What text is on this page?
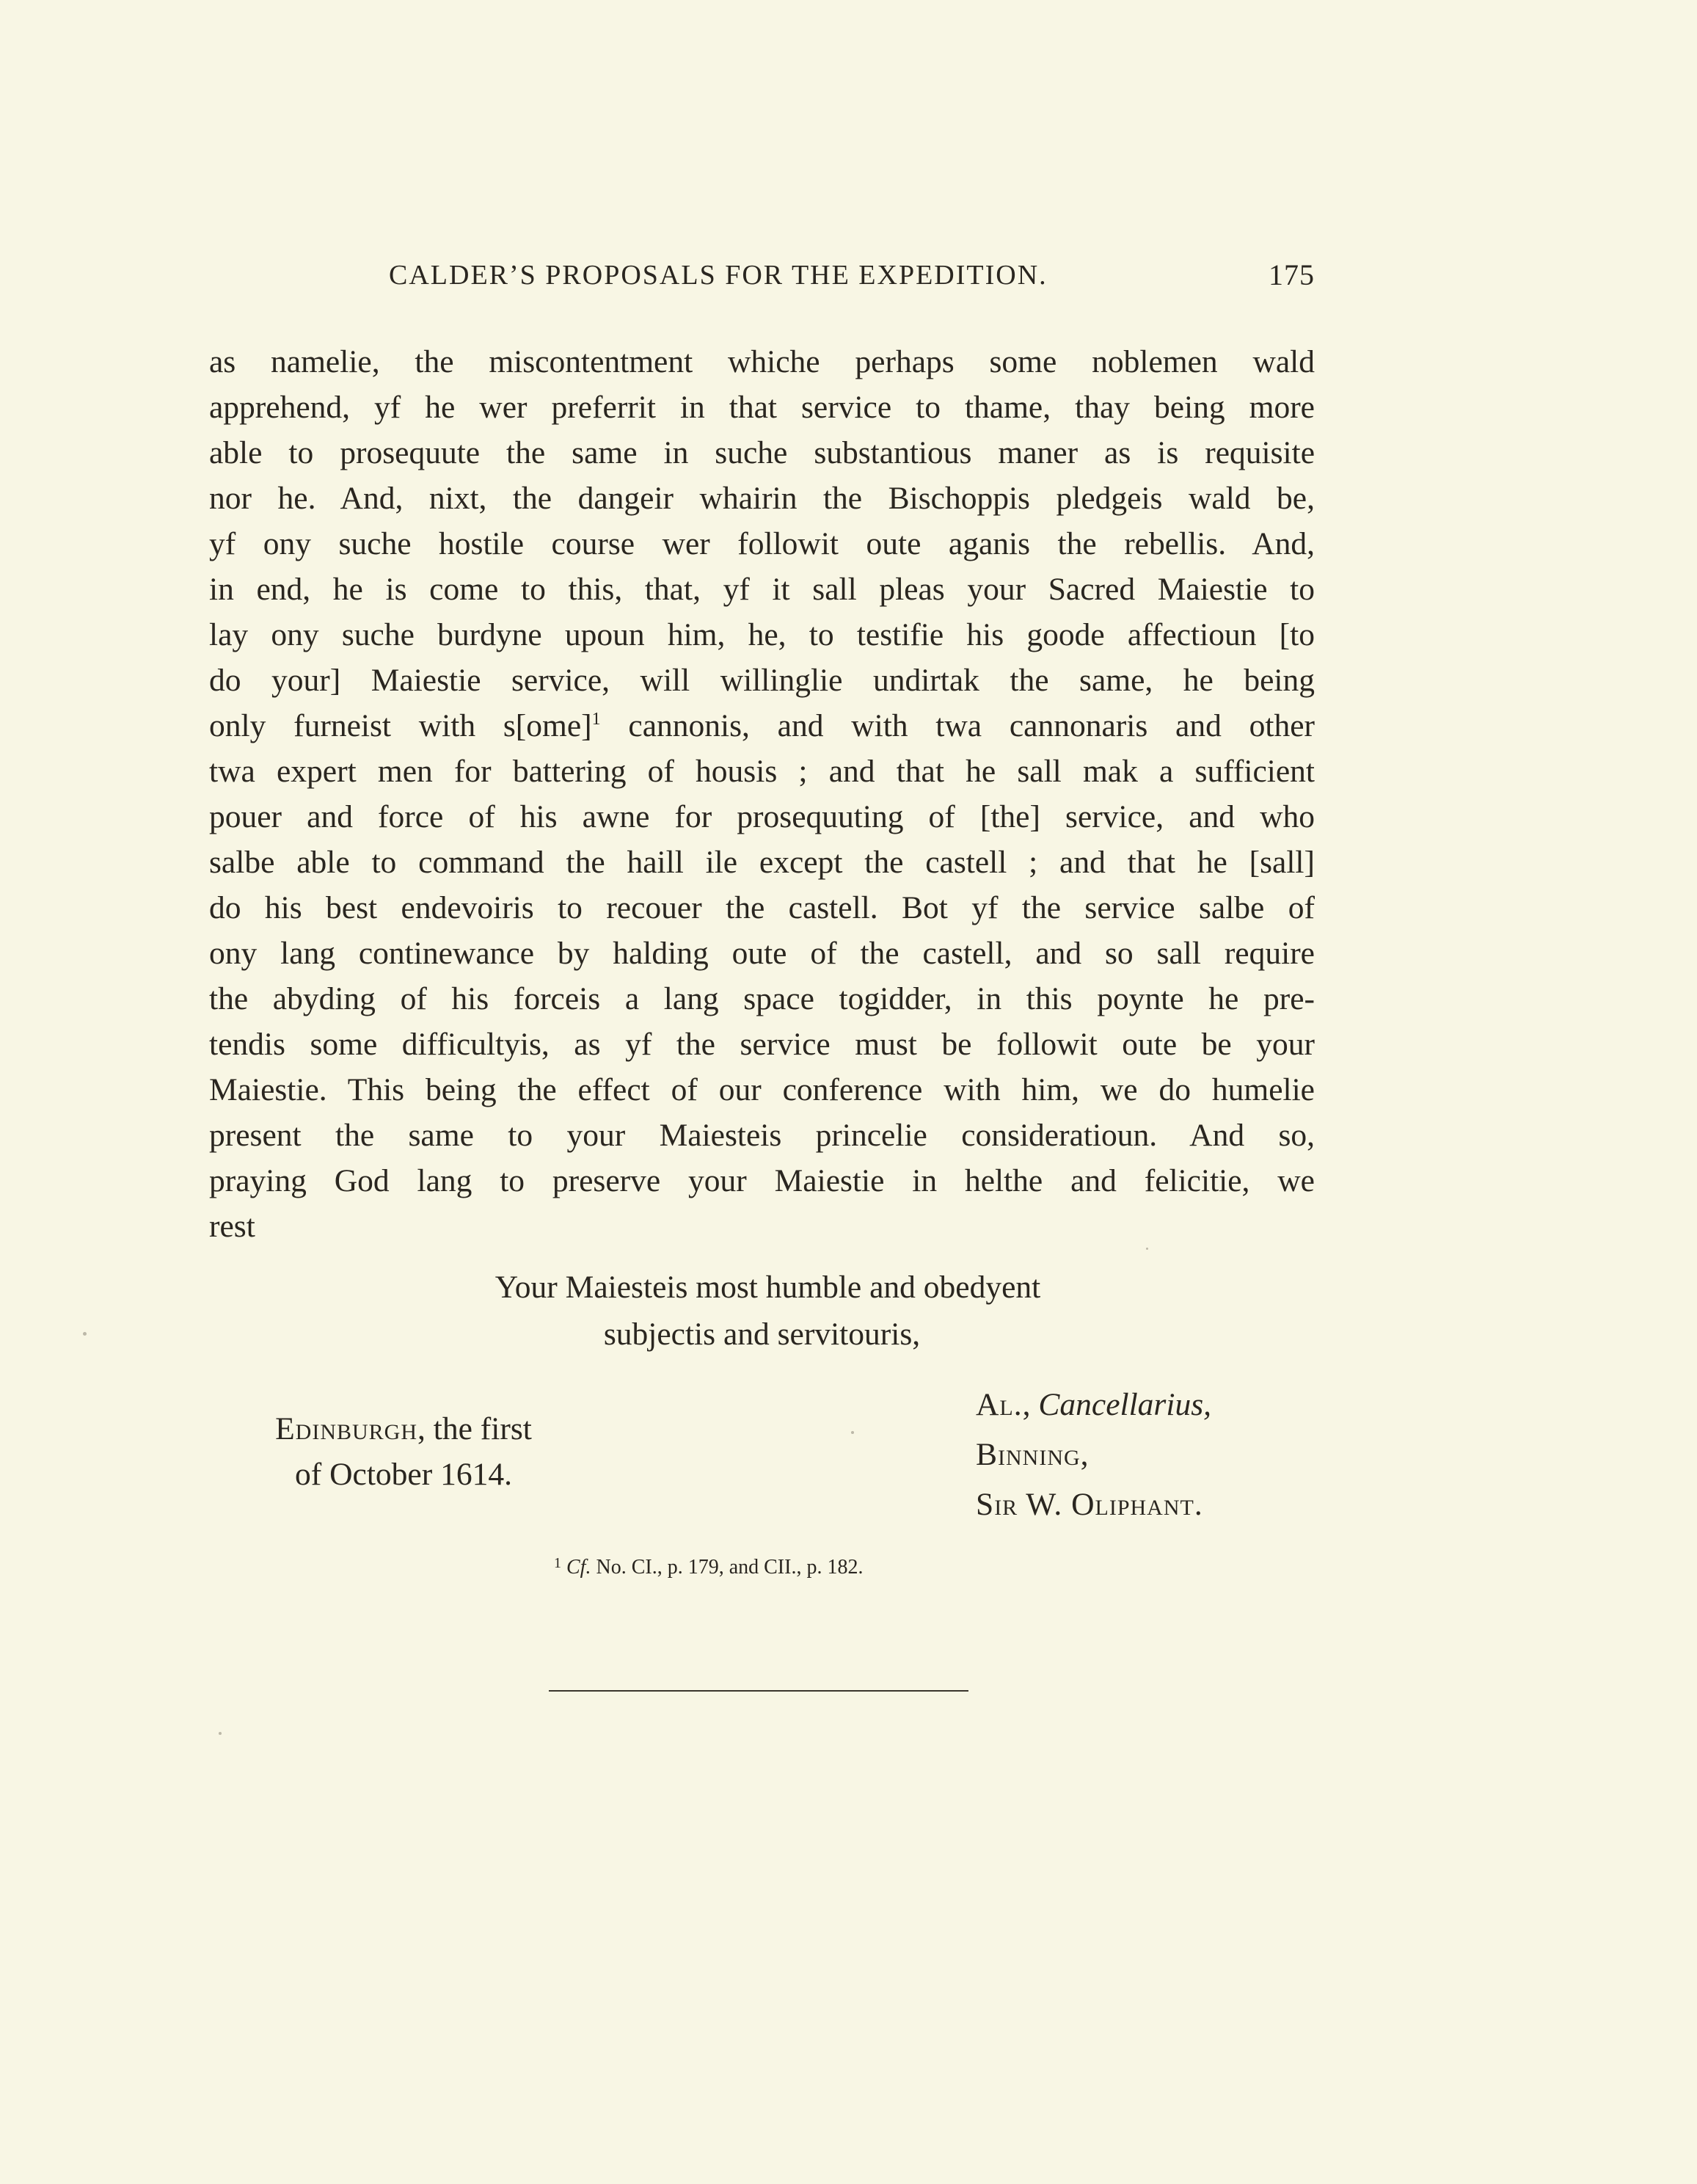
CALDER’S PROPOSALS FOR THE EXPEDITION.	175
as namelie, the miscontentment whiche perhaps some noblemen wald
apprehend, yf he wer preferrit in that service to thame, thay being more
able to prosequute the same in suche substantious maner as is requisite
nor he. And, nixt, the dangeir whairin the Bischoppis pledgeis wald be,
yf ony suche hostile course wer followit oute aganis the rebellis. And,
in end, he is come to this, that, yf it sall pleas your Sacred Maiestie to
lay ony suche burdyne upoun him, he, to testifie his goode affectioun [to
do your] Maiestie service, will willinglie undirtak the same, he being
only furneist with s[ome]$^1$ cannonis, and with twa cannonaris and other
twa expert men for battering of housis ; and that he sall mak a sufficient
pouer and force of his awne for prosequuting of [the] service, and who
salbe able to command the haill ile except the castell ; and that he [sall]
do his best endevoiris to recouer the castell. Bot yf the service salbe of
ony lang continewance by halding oute of the castell, and so sall require
the abyding of his forceis a lang space togidder, in this poynte he pre-
tendis some difficultyis, as yf the service must be followit oute be your
Maiestie. This being the effect of our conference with him, we do humelie
present the same to your Maiesteis princelie consideratioun. And so,
praying God lang to preserve your Maiestie in helthe and felicitie, we
rest
Your Maiesteis most humble and obedyent
subjectis and servitouris,
Edinburgh, the first
of October 1614.
Al., Cancellarius,
Binning,
Sir W. Oliphant.
$^1$ Cf. No. CI., p. 179, and CII., p. 182.
